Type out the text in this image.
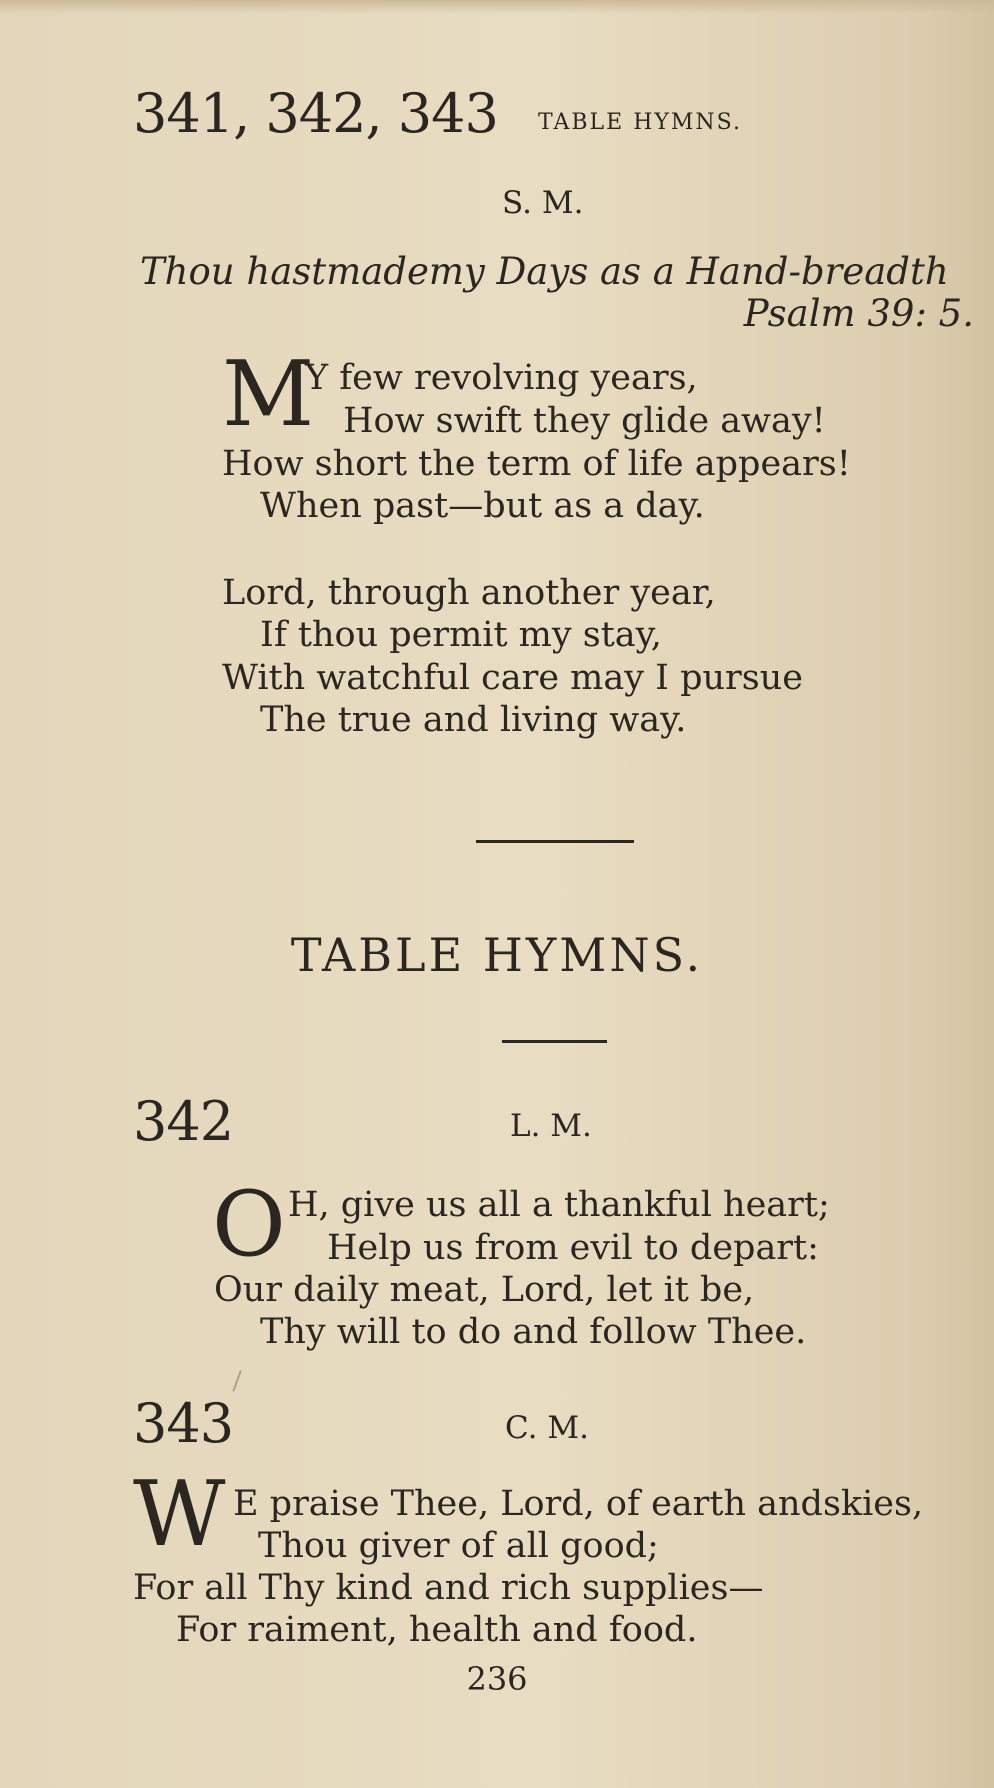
341, 342, 343 TABLE HYMNS.
S. M.
Thou hastmademy Days as a Hand-breadth
Psalm 39: 5.
M
Y few revolving years,
How swift they glide away!
How short the term of life appears!
When past—but as a day.
Lord, through another year,
If thou permit my stay,
With watchful care may I pursue
The true and living way.
TABLE HYMNS.
342	L. M.
O H, give us all a thankful heart;
Help us from evil to depart:
Our daily meat, Lord, let it be,
Thy will to do and follow Thee.
343	C. M.
W E praise Thee, Lord, of earth andskies,
Thou giver of all good;
For all Thy kind and rich supplies—
For raiment, health and food.
236
